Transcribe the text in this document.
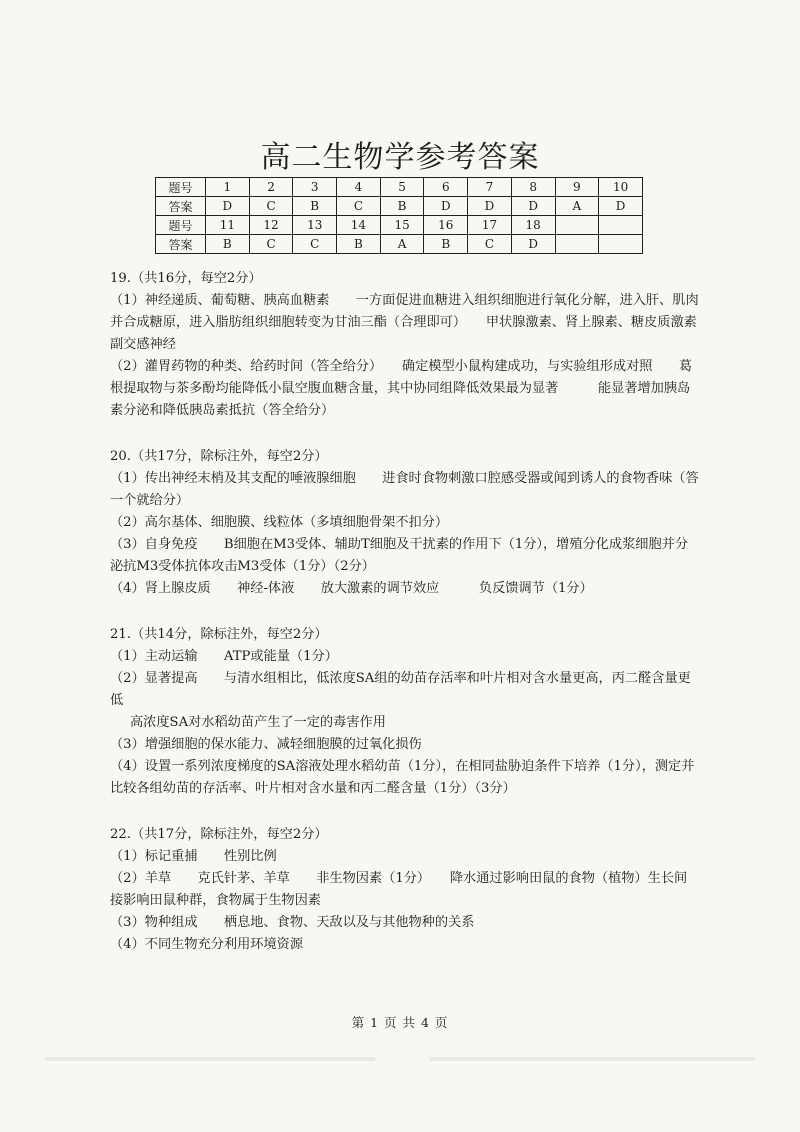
高二生物学参考答案
题号	1	2	3	4	5	6	7	8	9	10
答案	D	C	B	C	B	D	D	D	A	D
题号	11	12	13	14	15	16	17	18		
答案	B	C	C	B	A	B	C	D		

19.（共16分，每空2分）

（1）神经递质、葡萄糖、胰高血糖素　　一方面促进血糖进入组织细胞进行氧化分解，进入肝、肌肉并合成糖原，进入脂肪组织细胞转变为甘油三酯（合理即可）　　甲状腺激素、肾上腺素、糖皮质激素　　副交感神经

（2）灌胃药物的种类、给药时间（答全给分）　　确定模型小鼠构建成功，与实验组形成对照　　葛根提取物与茶多酚均能降低小鼠空腹血糖含量，其中协同组降低效果最为显著　　　能显著增加胰岛素分泌和降低胰岛素抵抗（答全给分）

20.（共17分，除标注外，每空2分）

（1）传出神经末梢及其支配的唾液腺细胞　　进食时食物刺激口腔感受器或闻到诱人的食物香味（答一个就给分）

（2）高尔基体、细胞膜、线粒体（多填细胞骨架不扣分）

（3）自身免疫　　B细胞在M3受体、辅助T细胞及干扰素的作用下（1分），增殖分化成浆细胞并分泌抗M3受体抗体攻击M3受体（1分）（2分）

（4）肾上腺皮质　　神经-体液　　放大激素的调节效应　　　负反馈调节（1分）

21.（共14分，除标注外，每空2分）

（1）主动运输　　ATP或能量（1分）

（2）显著提高　　与清水组相比，低浓度SA组的幼苗存活率和叶片相对含水量更高，丙二醛含量更低

高浓度SA对水稻幼苗产生了一定的毒害作用

（3）增强细胞的保水能力、减轻细胞膜的过氧化损伤

（4）设置一系列浓度梯度的SA溶液处理水稻幼苗（1分），在相同盐胁迫条件下培养（1分），测定并比较各组幼苗的存活率、叶片相对含水量和丙二醛含量（1分）（3分）

22.（共17分，除标注外，每空2分）

（1）标记重捕　　性别比例

（2）羊草　　克氏针茅、羊草　　非生物因素（1分）　　降水通过影响田鼠的食物（植物）生长间接影响田鼠种群，食物属于生物因素

（3）物种组成　　栖息地、食物、天敌以及与其他物种的关系

（4）不同生物充分利用环境资源

第 1 页 共 4 页
